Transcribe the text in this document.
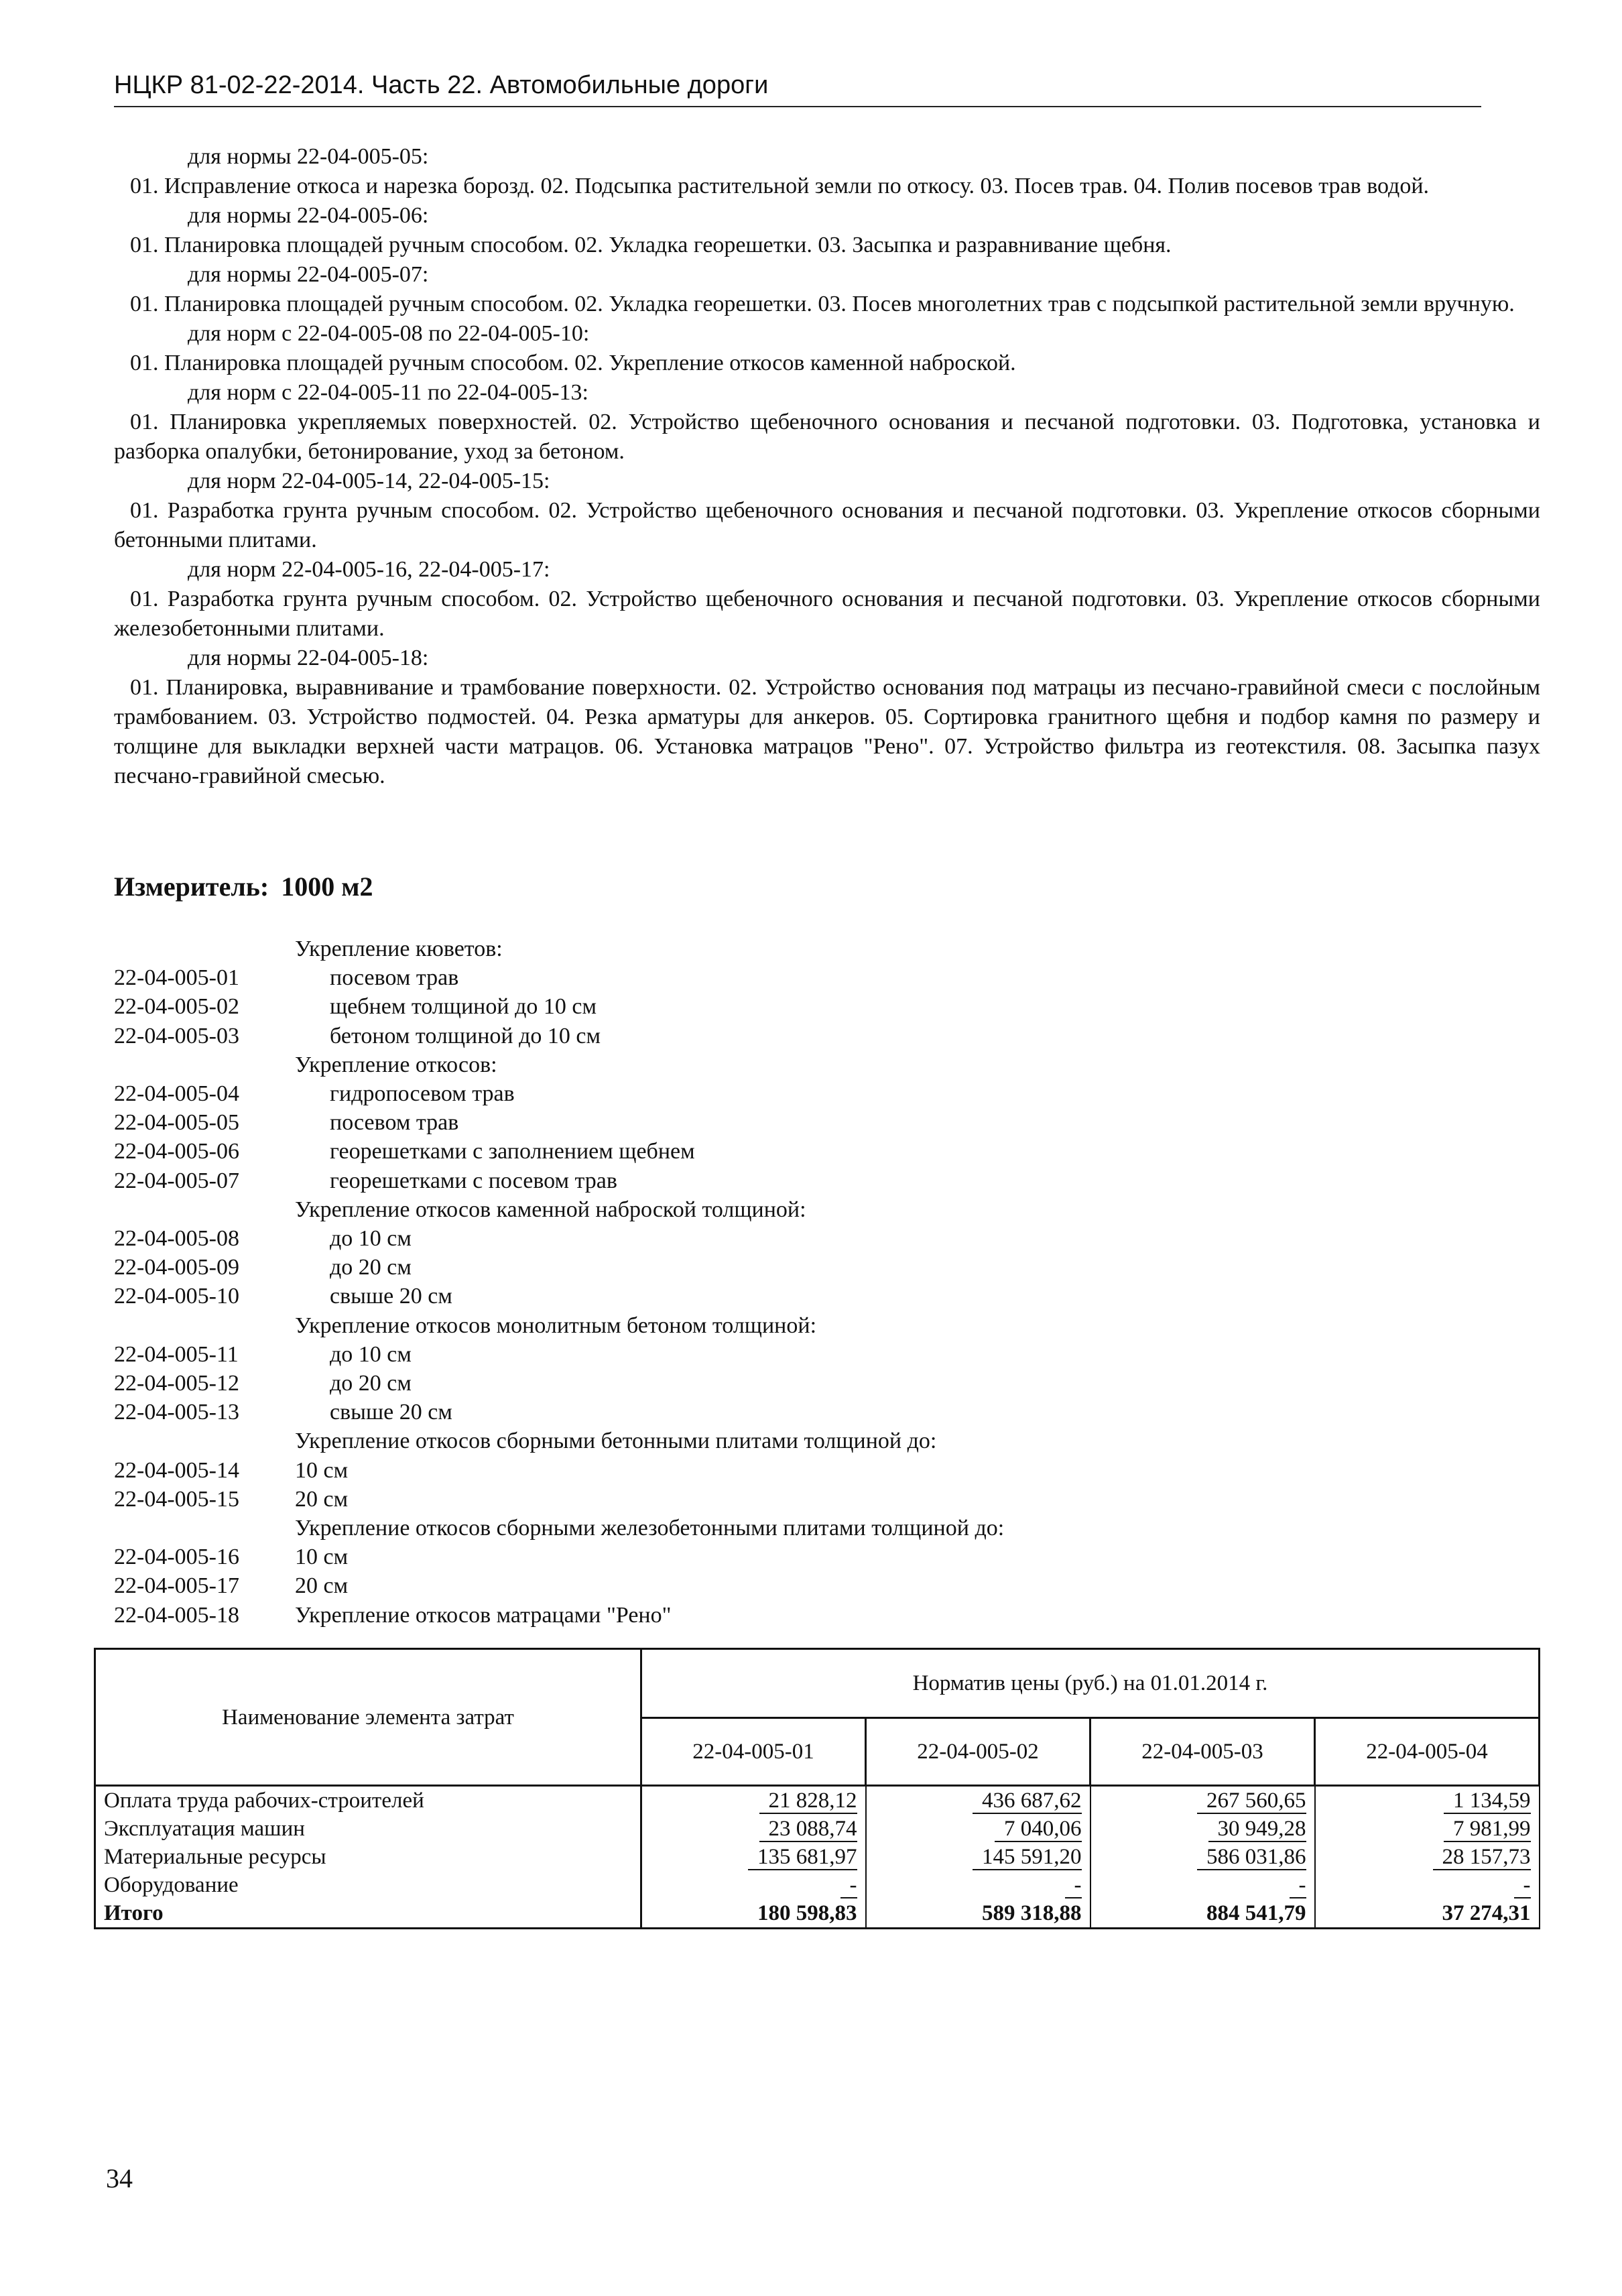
НЦКР 81-02-22-2014. Часть 22. Автомобильные дороги
для нормы 22-04-005-05:
01. Исправление откоса и нарезка борозд. 02. Подсыпка растительной земли по откосу. 03. Посев трав. 04. Полив посевов трав водой.
для нормы 22-04-005-06:
01. Планировка площадей ручным способом. 02. Укладка георешетки. 03. Засыпка и разравнивание щебня.
для нормы 22-04-005-07:
01. Планировка площадей ручным способом. 02. Укладка георешетки. 03. Посев многолетних трав с подсыпкой растительной земли вручную.
для норм с 22-04-005-08 по 22-04-005-10:
01. Планировка площадей ручным способом. 02. Укрепление откосов каменной наброской.
для норм с 22-04-005-11 по 22-04-005-13:
01. Планировка укрепляемых поверхностей. 02. Устройство щебеночного основания и песчаной подготовки. 03. Подготовка, установка и разборка опалубки, бетонирование, уход за бетоном.
для норм 22-04-005-14, 22-04-005-15:
01. Разработка грунта ручным способом. 02. Устройство щебеночного основания и песчаной подготовки. 03. Укрепление откосов сборными бетонными плитами.
для норм 22-04-005-16, 22-04-005-17:
01. Разработка грунта ручным способом. 02. Устройство щебеночного основания и песчаной подготовки. 03. Укрепление откосов сборными железобетонными плитами.
для нормы 22-04-005-18:
01. Планировка, выравнивание и трамбование поверхности. 02. Устройство основания под матрацы из песчано-гравийной смеси с послойным трамбованием. 03. Устройство подмостей. 04. Резка арматуры для анкеров. 05. Сортировка гранитного щебня и подбор камня по размеру и толщине для выкладки верхней части матрацов. 06. Установка матрацов "Рено". 07. Устройство фильтра из геотекстиля. 08. Засыпка пазух песчано-гравийной смесью.
Измеритель: 1000 м2
Укрепление кюветов:
22-04-005-01	посевом трав
22-04-005-02	щебнем толщиной до 10 см
22-04-005-03	бетоном толщиной до 10 см
Укрепление откосов:
22-04-005-04	гидропосевом трав
22-04-005-05	посевом трав
22-04-005-06	георешетками с заполнением щебнем
22-04-005-07	георешетками с посевом трав
Укрепление откосов каменной наброской толщиной:
22-04-005-08	до 10 см
22-04-005-09	до 20 см
22-04-005-10	свыше 20 см
Укрепление откосов монолитным бетоном толщиной:
22-04-005-11	до 10 см
22-04-005-12	до 20 см
22-04-005-13	свыше 20 см
Укрепление откосов сборными бетонными плитами толщиной до:
22-04-005-14	10 см
22-04-005-15	20 см
Укрепление откосов сборными железобетонными плитами толщиной до:
22-04-005-16	10 см
22-04-005-17	20 см
22-04-005-18	Укрепление откосов матрацами "Рено"
Наименование элемента затрат	Норматив цены (руб.) на 01.01.2014 г.			
	22-04-005-01	22-04-005-02	22-04-005-03	22-04-005-04
Оплата труда рабочих-строителей	21 828,12	436 687,62	267 560,65	1 134,59
Эксплуатация машин	23 088,74	7 040,06	30 949,28	7 981,99
Материальные ресурсы	135 681,97	145 591,20	586 031,86	28 157,73
Оборудование	-	-	-	-
Итого	180 598,83	589 318,88	884 541,79	37 274,31
34
